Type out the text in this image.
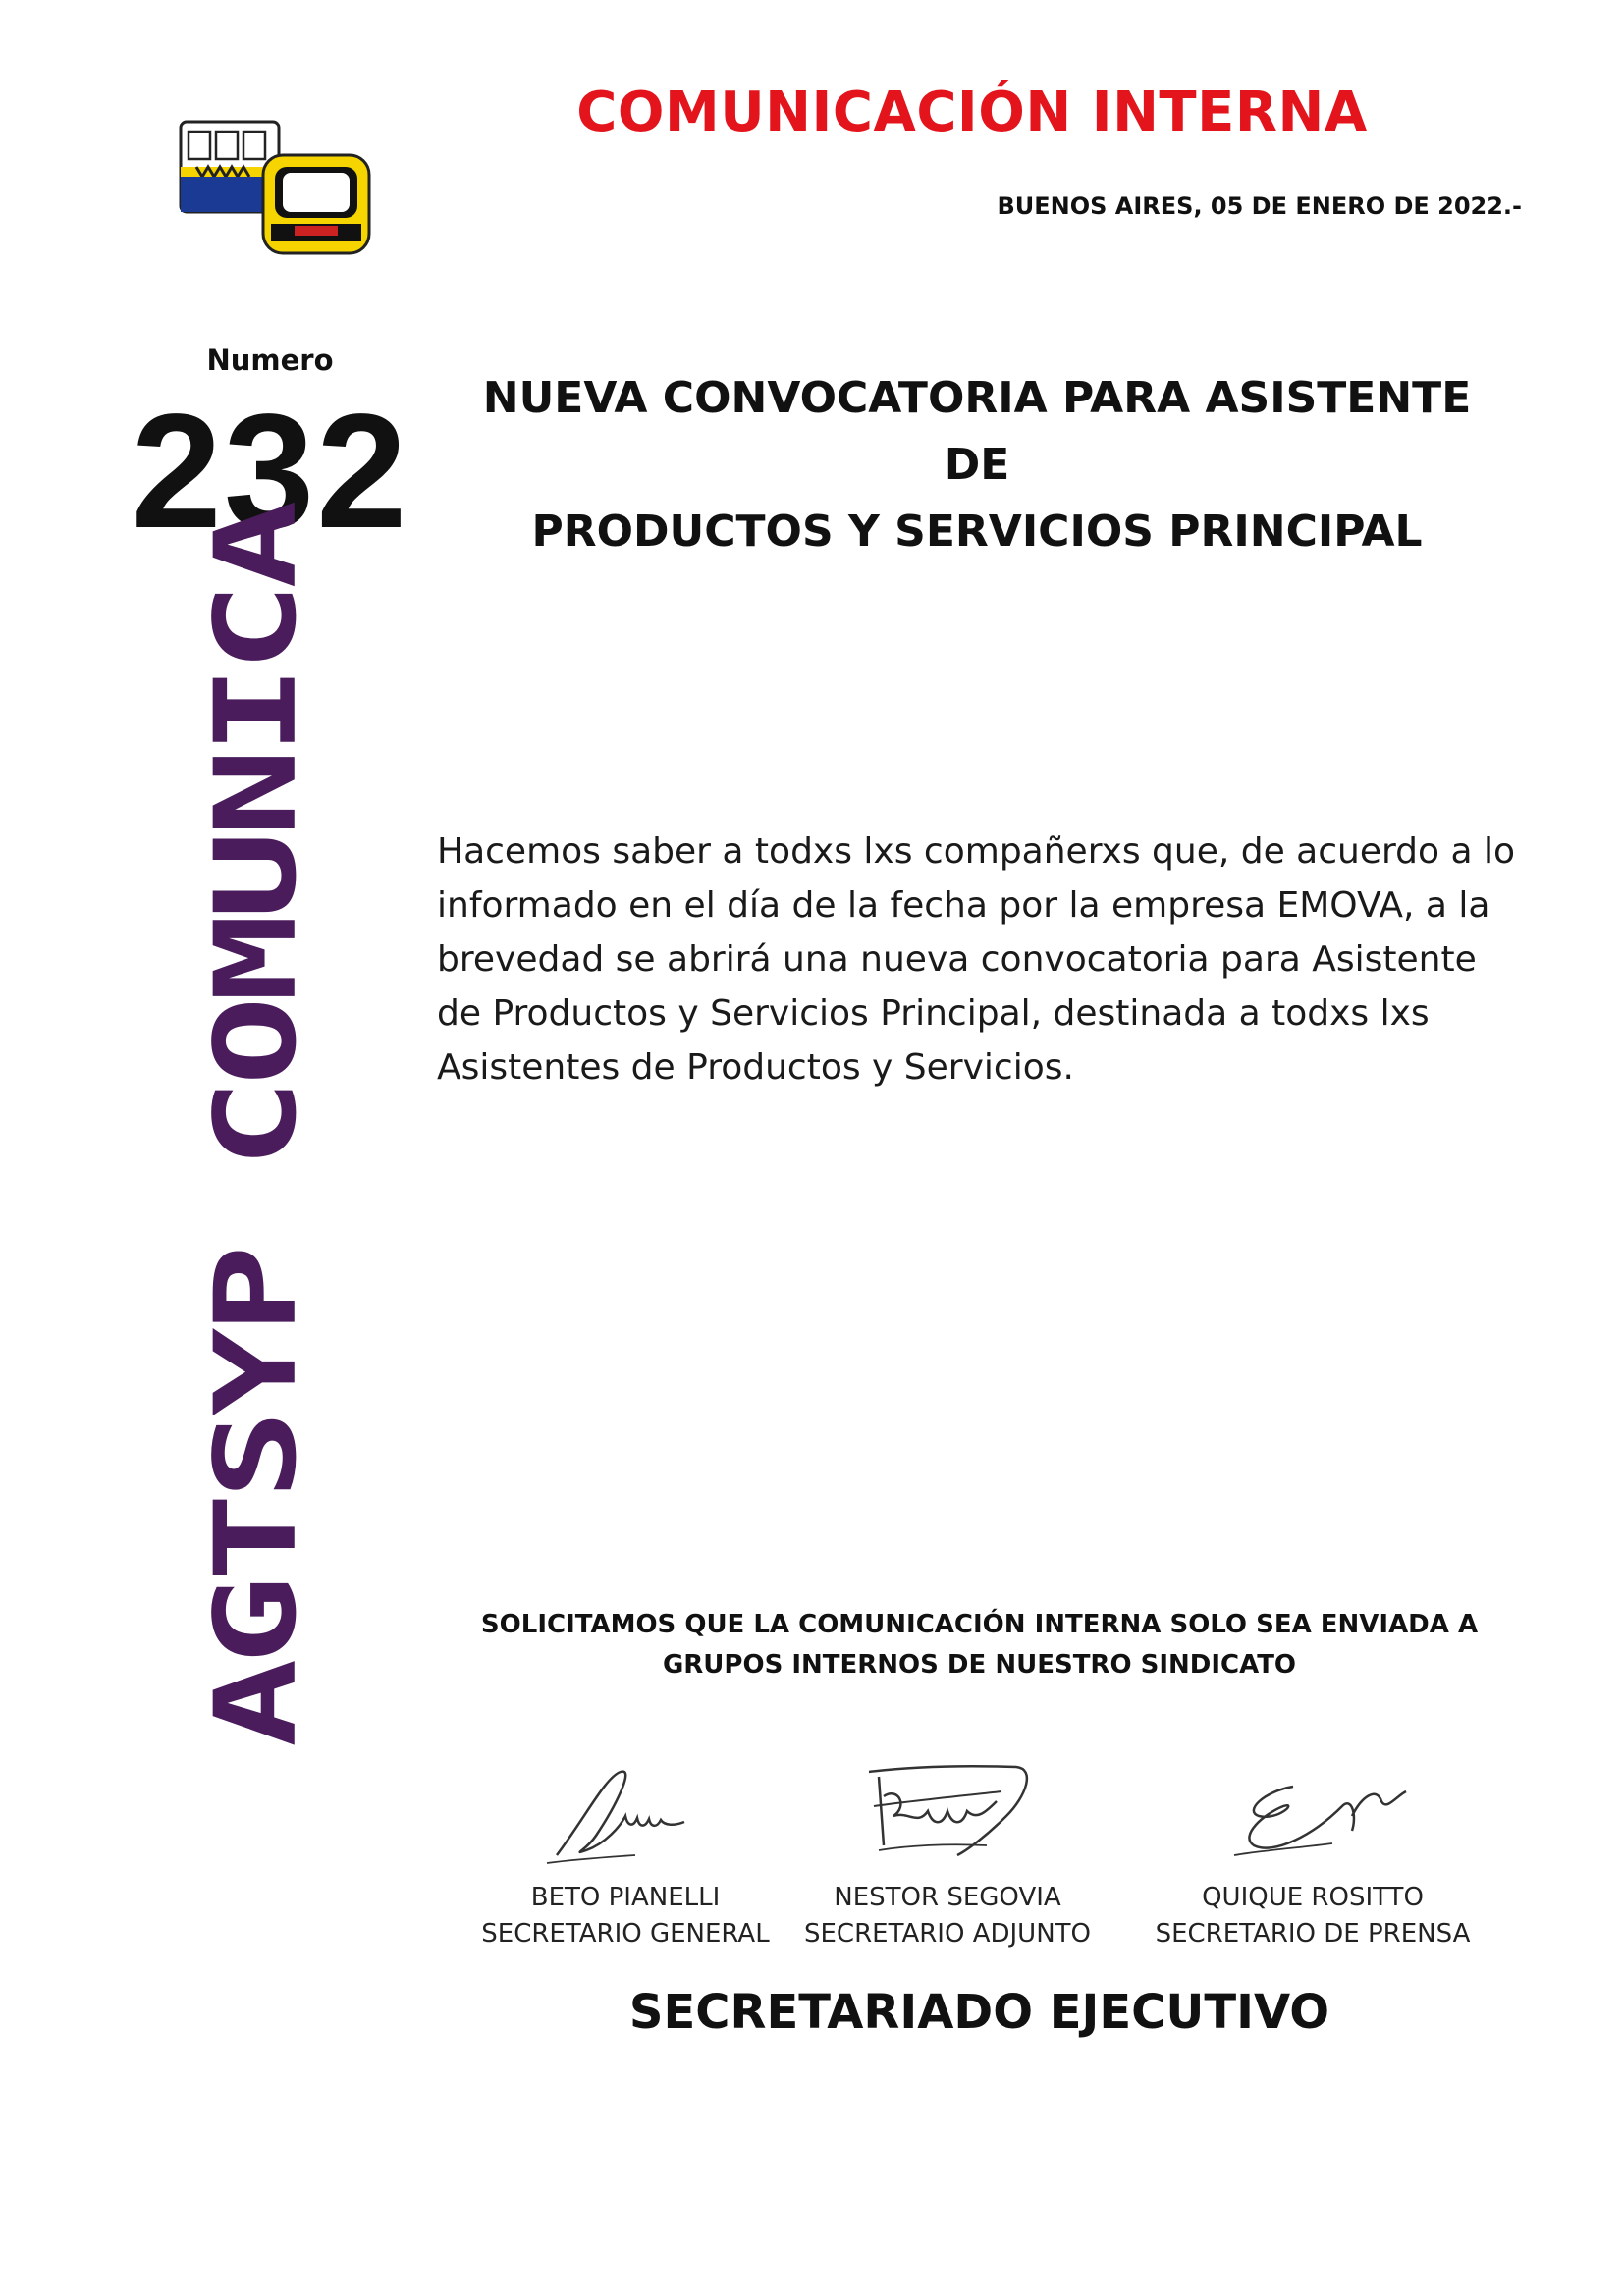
COMUNICACIÓN INTERNA
BUENOS AIRES, 05 DE ENERO DE 2022.-
Numero
232	NUEVA CONVOCATORIA PARA ASISTENTE DE
PRODUCTOS Y SERVICIOS PRINCIPAL
AGTSYP COMUNICA	Hacemos saber a todxs lxs compañerxs que, de acuerdo a lo
informado en el día de la fecha por la empresa EMOVA, a la
brevedad se abrirá una nueva convocatoria para Asistente
de Productos y Servicios Principal, destinada a todxs lxs
Asistentes de Productos y Servicios.
SOLICITAMOS QUE LA COMUNICACIÓN INTERNA SOLO SEA ENVIADA A
GRUPOS INTERNOS DE NUESTRO SINDICATO
BETO PIANELLI
SECRETARIO GENERAL
NESTOR SEGOVIA
SECRETARIO ADJUNTO
QUIQUE ROSITTO
SECRETARIO DE PRENSA
SECRETARIADO EJECUTIVO
